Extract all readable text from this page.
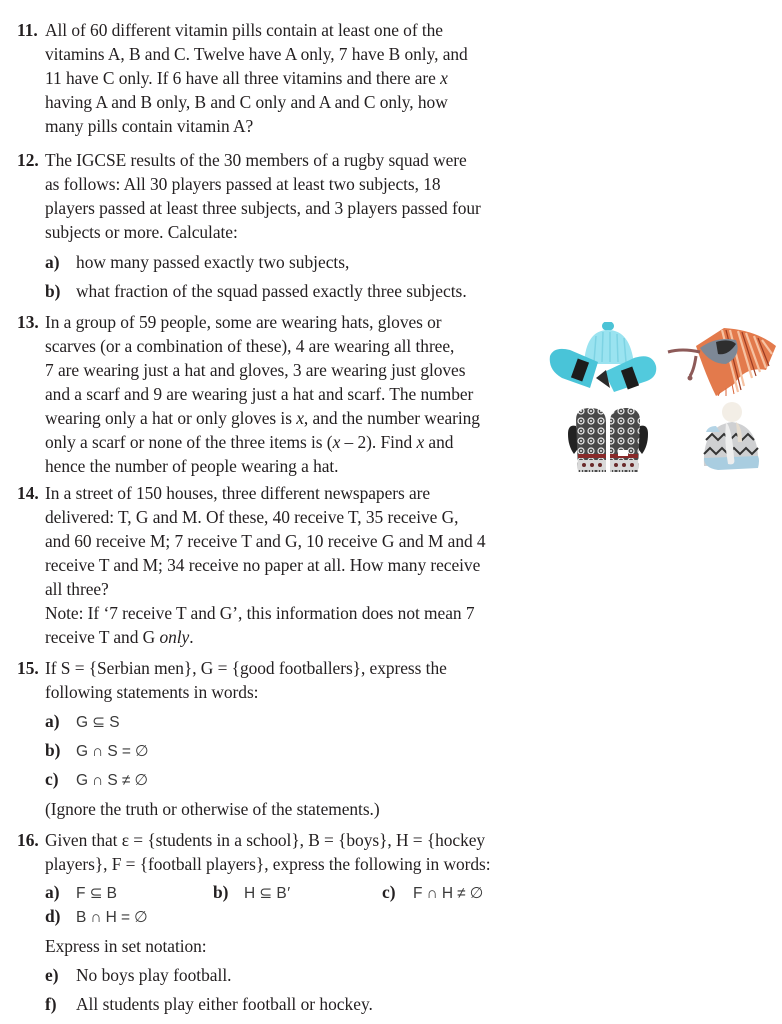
11. All of 60 different vitamin pills contain at least one of the
vitamins A, B and C. Twelve have A only, 7 have B only, and
11 have C only. If 6 have all three vitamins and there are x
having A and B only, B and C only and A and C only, how
many pills contain vitamin A?
12. The IGCSE results of the 30 members of a rugby squad were
as follows: All 30 players passed at least two subjects, 18
players passed at least three subjects, and 3 players passed four
subjects or more. Calculate:
a) how many passed exactly two subjects,
b) what fraction of the squad passed exactly three subjects.
13. In a group of 59 people, some are wearing hats, gloves or
scarves (or a combination of these), 4 are wearing all three,
7 are wearing just a hat and gloves, 3 are wearing just gloves
and a scarf and 9 are wearing just a hat and scarf. The number
wearing only a hat or only gloves is x, and the number wearing
only a scarf or none of the three items is (x – 2). Find x and
hence the number of people wearing a hat.
14. In a street of 150 houses, three different newspapers are
delivered: T, G and M. Of these, 40 receive T, 35 receive G,
and 60 receive M; 7 receive T and G, 10 receive G and M and 4
receive T and M; 34 receive no paper at all. How many receive
all three?
Note: If ‘7 receive T and G’, this information does not mean 7
receive T and G only.
15. If S = {Serbian men}, G = {good footballers}, express the
following statements in words:
a) G ⊆ S
b) G ∩ S = ∅
c) G ∩ S ≠ ∅
(Ignore the truth or otherwise of the statements.)
16. Given that ε = {students in a school}, B = {boys}, H = {hockey
players}, F = {football players}, express the following in words:
a) F ⊆ B	b) H ⊆ B′	c) F ∩ H ≠ ∅
d) B ∩ H = ∅
Express in set notation:
e) No boys play football.
f) All students play either football or hockey.
